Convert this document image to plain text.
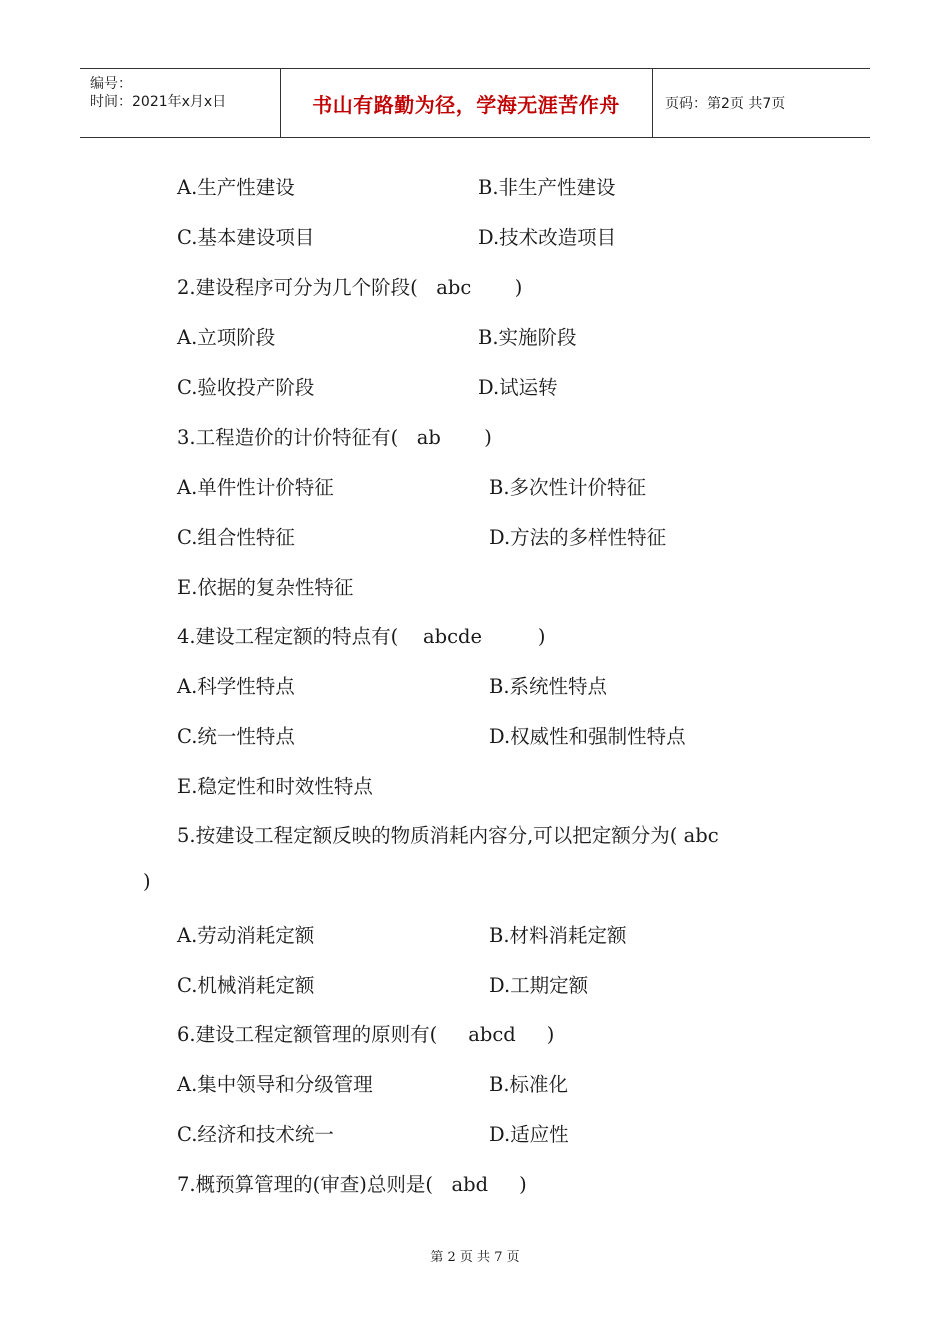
编号：
时间：2021年x月x日	书山有路勤为径，学海无涯苦作舟	页码：第2页 共7页
A.生产性建设	B.非生产性建设
C.基本建设项目	D.技术改造项目
2.建设程序可分为几个阶段(   abc       )
A.立项阶段	B.实施阶段
C.验收投产阶段	D.试运转
3.工程造价的计价特征有(   ab       )
A.单件性计价特征	B.多次性计价特征
C.组合性特征	D.方法的多样性特征
E.依据的复杂性特征
4.建设工程定额的特点有(    abcde         )
A.科学性特点	B.系统性特点
C.统一性特点	D.权威性和强制性特点
E.稳定性和时效性特点
5.按建设工程定额反映的物质消耗内容分,可以把定额分为( abc
)
A.劳动消耗定额	B.材料消耗定额
C.机械消耗定额	D.工期定额
6.建设工程定额管理的原则有(     abcd     )
A.集中领导和分级管理	B.标准化
C.经济和技术统一	D.适应性
7.概预算管理的(审查)总则是(   abd     )
第 2 页 共 7 页
